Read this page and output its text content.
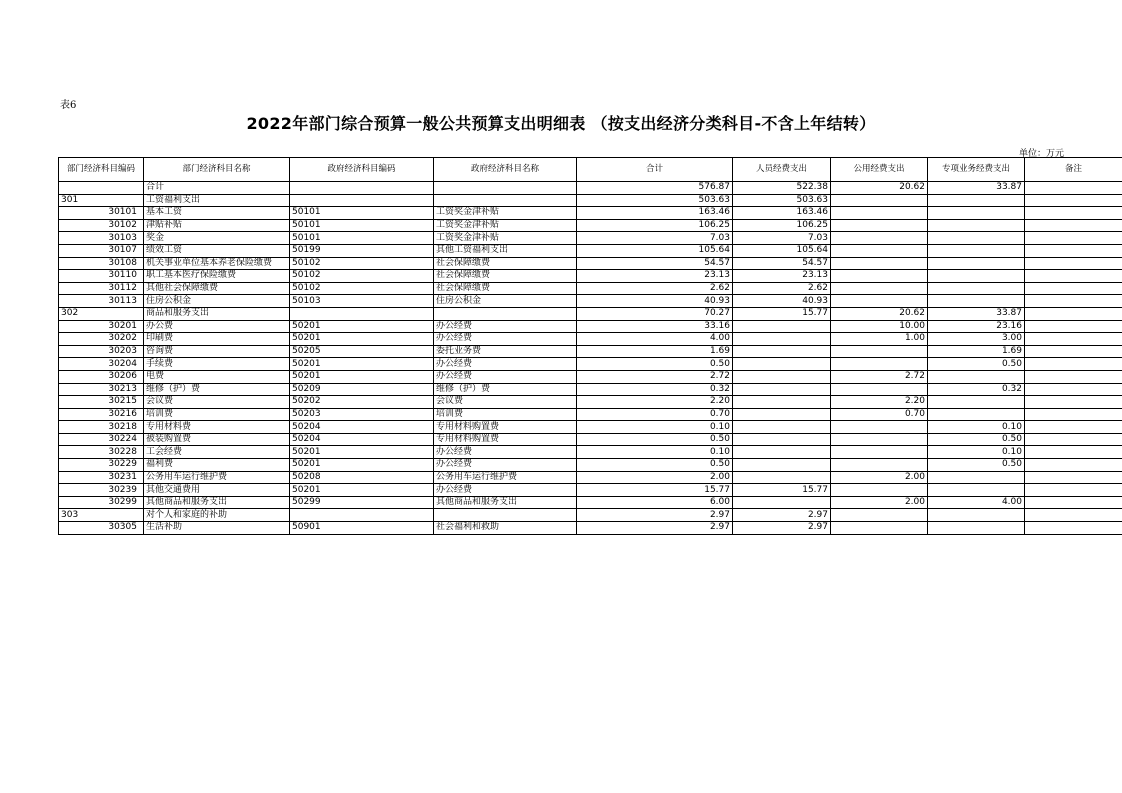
表6
2022年部门综合预算一般公共预算支出明细表 （按支出经济分类科目-不含上年结转）
单位：万元
部门经济科目编码	部门经济科目名称	政府经济科目编码	政府经济科目名称	合计	人员经费支出	公用经费支出	专项业务经费支出	备注
	合计			576.87	522.38	20.62	33.87	
301	工资福利支出			503.63	503.63			
30101	基本工资	50101	工资奖金津补贴	163.46	163.46			
30102	津贴补贴	50101	工资奖金津补贴	106.25	106.25			
30103	奖金	50101	工资奖金津补贴	7.03	7.03			
30107	绩效工资	50199	其他工资福利支出	105.64	105.64			
30108	机关事业单位基本养老保险缴费	50102	社会保障缴费	54.57	54.57			
30110	职工基本医疗保险缴费	50102	社会保障缴费	23.13	23.13			
30112	其他社会保障缴费	50102	社会保障缴费	2.62	2.62			
30113	住房公积金	50103	住房公积金	40.93	40.93			
302	商品和服务支出			70.27	15.77	20.62	33.87	
30201	办公费	50201	办公经费	33.16		10.00	23.16	
30202	印刷费	50201	办公经费	4.00		1.00	3.00	
30203	咨询费	50205	委托业务费	1.69			1.69	
30204	手续费	50201	办公经费	0.50			0.50	
30206	电费	50201	办公经费	2.72		2.72		
30213	维修（护）费	50209	维修（护）费	0.32			0.32	
30215	会议费	50202	会议费	2.20		2.20		
30216	培训费	50203	培训费	0.70		0.70		
30218	专用材料费	50204	专用材料购置费	0.10			0.10	
30224	被装购置费	50204	专用材料购置费	0.50			0.50	
30228	工会经费	50201	办公经费	0.10			0.10	
30229	福利费	50201	办公经费	0.50			0.50	
30231	公务用车运行维护费	50208	公务用车运行维护费	2.00		2.00		
30239	其他交通费用	50201	办公经费	15.77	15.77			
30299	其他商品和服务支出	50299	其他商品和服务支出	6.00		2.00	4.00	
303	对个人和家庭的补助			2.97	2.97			
30305	生活补助	50901	社会福利和救助	2.97	2.97			
